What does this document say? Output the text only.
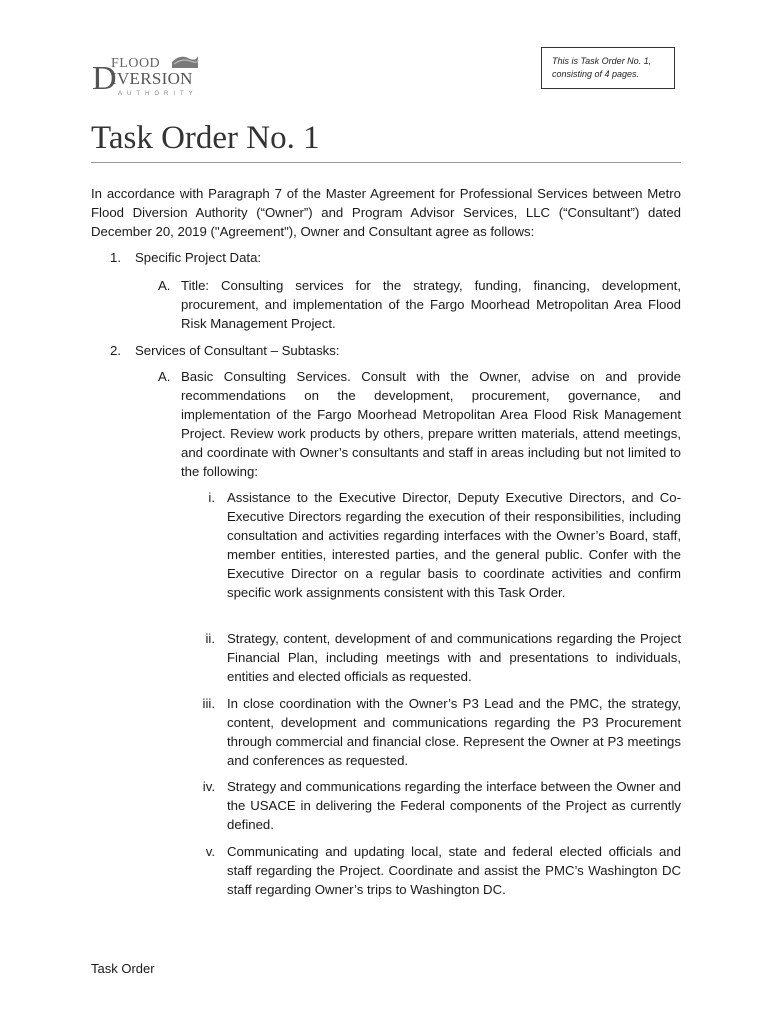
FLOOD
D
IVERSION
AUTHORITY
This is Task Order No. 1,
consisting of 4 pages.
Task Order No. 1
In accordance with Paragraph 7 of the Master Agreement for Professional Services between Metro Flood Diversion Authority (“Owner”) and Program Advisor Services, LLC (“Consultant”) dated December 20, 2019 ("Agreement"), Owner and Consultant agree as follows:
1. Specific Project Data:
A. Title: Consulting services for the strategy, funding, financing, development, procurement, and implementation of the Fargo Moorhead Metropolitan Area Flood Risk Management Project.
2. Services of Consultant – Subtasks:
A. Basic Consulting Services. Consult with the Owner, advise on and provide recommendations on the development, procurement, governance, and implementation of the Fargo Moorhead Metropolitan Area Flood Risk Management Project. Review work products by others, prepare written materials, attend meetings, and coordinate with Owner’s consultants and staff in areas including but not limited to the following:
i. Assistance to the Executive Director, Deputy Executive Directors, and Co-Executive Directors regarding the execution of their responsibilities, including consultation and activities regarding interfaces with the Owner’s Board, staff, member entities, interested parties, and the general public. Confer with the Executive Director on a regular basis to coordinate activities and confirm specific work assignments consistent with this Task Order.
ii. Strategy, content, development of and communications regarding the Project Financial Plan, including meetings with and presentations to individuals, entities and elected officials as requested.
iii. In close coordination with the Owner’s P3 Lead and the PMC, the strategy, content, development and communications regarding the P3 Procurement through commercial and financial close. Represent the Owner at P3 meetings and conferences as requested.
iv. Strategy and communications regarding the interface between the Owner and the USACE in delivering the Federal components of the Project as currently defined.
v. Communicating and updating local, state and federal elected officials and staff regarding the Project. Coordinate and assist the PMC’s Washington DC staff regarding Owner’s trips to Washington DC.
Task Order
